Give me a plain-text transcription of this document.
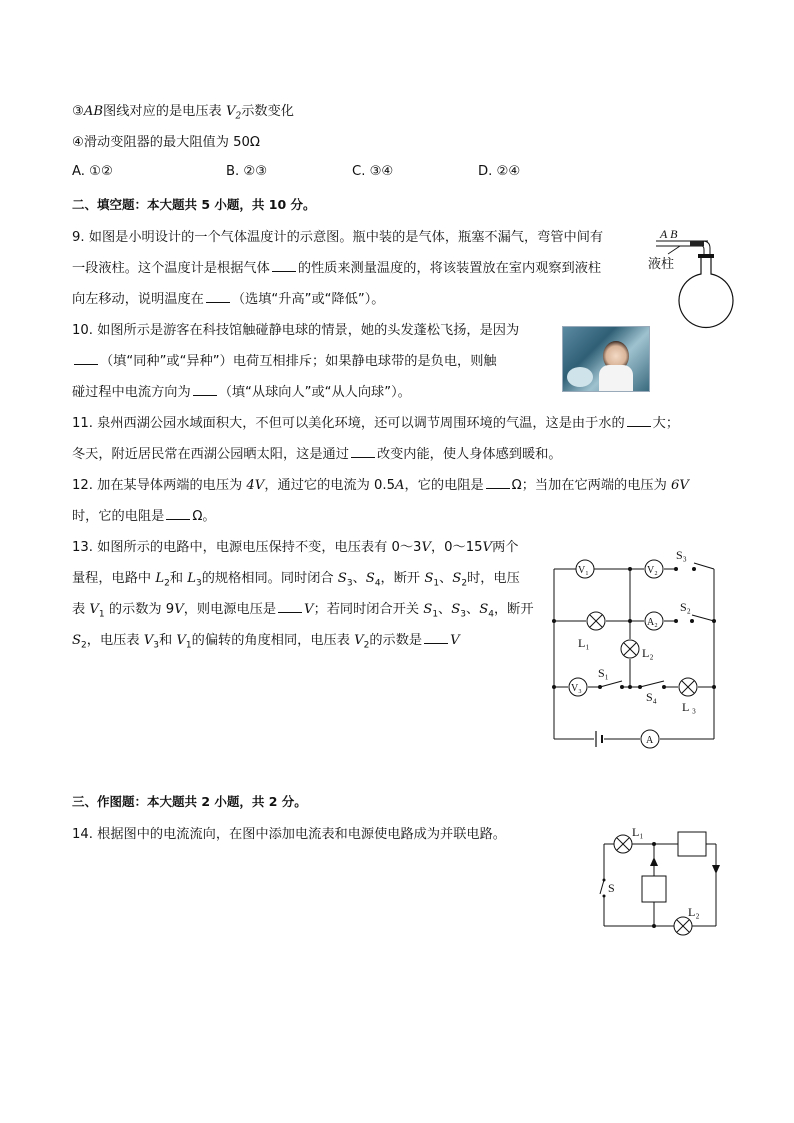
③AB图线对应的是电压表 $V_2$示数变化
④滑动变阻器的最大阻值为 50Ω
A. ①②	B. ②③	C. ③④	D. ②④
二、填空题：本大题共 5 小题，共 10 分。
9. 如图是小明设计的一个气体温度计的示意图。瓶中装的是气体，瓶塞不漏气，弯管中间有
一段液柱。这个温度计是根据气体 的性质来测量温度的，将该装置放在室内观察到液柱
向左移动，说明温度在 （选填“升高”或“降低”）。
A B
液柱
10. 如图所示是游客在科技馆触碰静电球的情景，她的头发蓬松飞扬，是因为
（填“同种”或“异种”）电荷互相排斥；如果静电球带的是负电，则触
碰过程中电流方向为 （填“从球向人”或“从人向球”）。
11. 泉州西湖公园水域面积大，不但可以美化环境，还可以调节周围环境的气温，这是由于水的 大；
冬天，附近居民常在西湖公园晒太阳，这是通过 改变内能，使人身体感到暖和。
12. 加在某导体两端的电压为 4V，通过它的电流为 0.5A，它的电阻是 Ω；当加在它两端的电压为 6V
时，它的电阻是 Ω。
13. 如图所示的电路中，电源电压保持不变，电压表有 0～3V，0～15V两个
量程，电路中 $L_2$和 $L_3$的规格相同。同时闭合 $S_3$、$S_4$，断开 $S_1$、$S_2$时，电压
表 $V_1$ 的示数为 9V，则电源电压是 V；若同时闭合开关 $S_1$、$S_3$、$S_4$，断开
$S_2$，电压表 $V_3$和 $V_1$的偏转的角度相同，电压表 $V_2$的示数是 V
V₁	V₂
A₂
V₃
A
S₃
S₂
S₁
S₄
L₁
L₂
L ₃
三、作图题：本大题共 2 小题，共 2 分。
14. 根据图中的电流流向，在图中添加电流表和电源使电路成为并联电路。	L₁
L₂
S
